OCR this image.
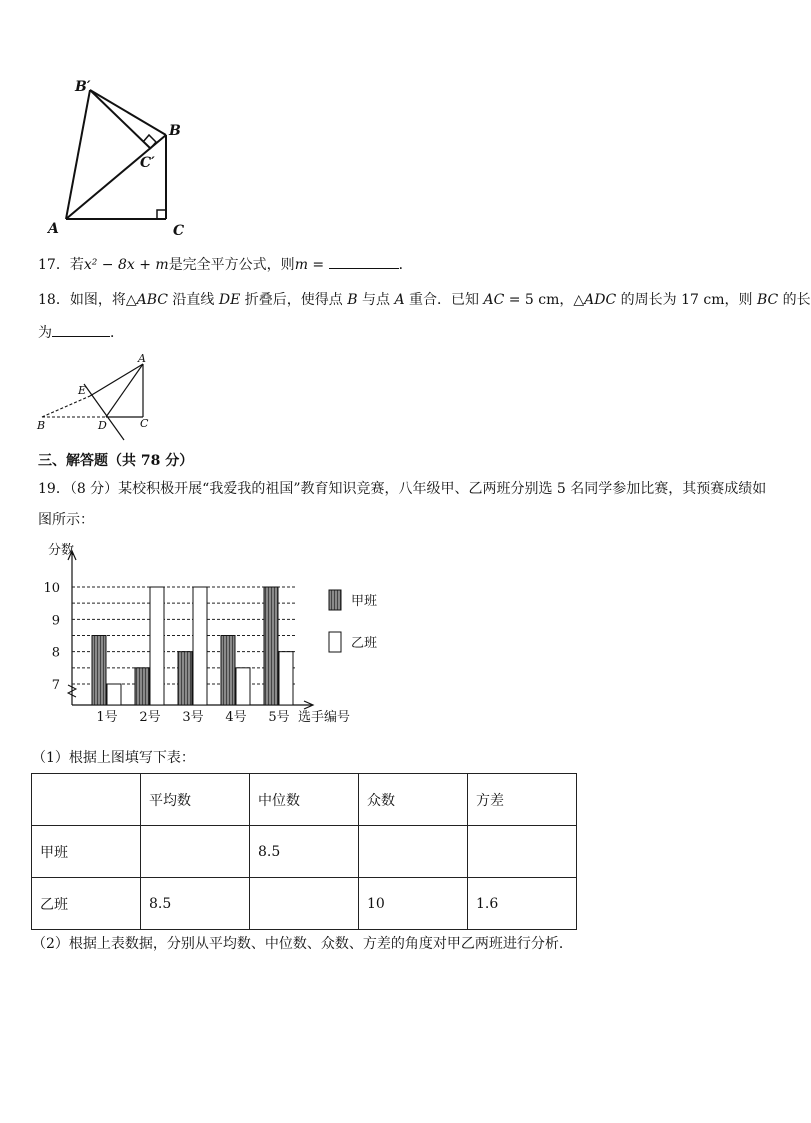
B′
B
C′
A	C
17．若x² − 8x + m是完全平方公式，则m =	．
18．如图，将△ABC 沿直线 DE 折叠后，使得点 B 与点 A 重合．已知 AC = 5 cm，△ADC 的周长为 17 cm，则 BC 的长
为	．
A
E
B	D	C
三、解答题（共 78 分）
19．（8 分）某校积极开展“我爱我的祖国”教育知识竞赛，八年级甲、乙两班分别选 5 名同学参加比赛，其预赛成绩如
图所示：
7
8
9
10
分数
选手编号
1号 2号 3号 4号 5号
甲班
乙班
（1）根据上图填写下表：
	平均数	中位数	众数	方差
甲班		8.5		
乙班	8.5		10	1.6
（2）根据上表数据，分别从平均数、中位数、众数、方差的角度对甲乙两班进行分析．
